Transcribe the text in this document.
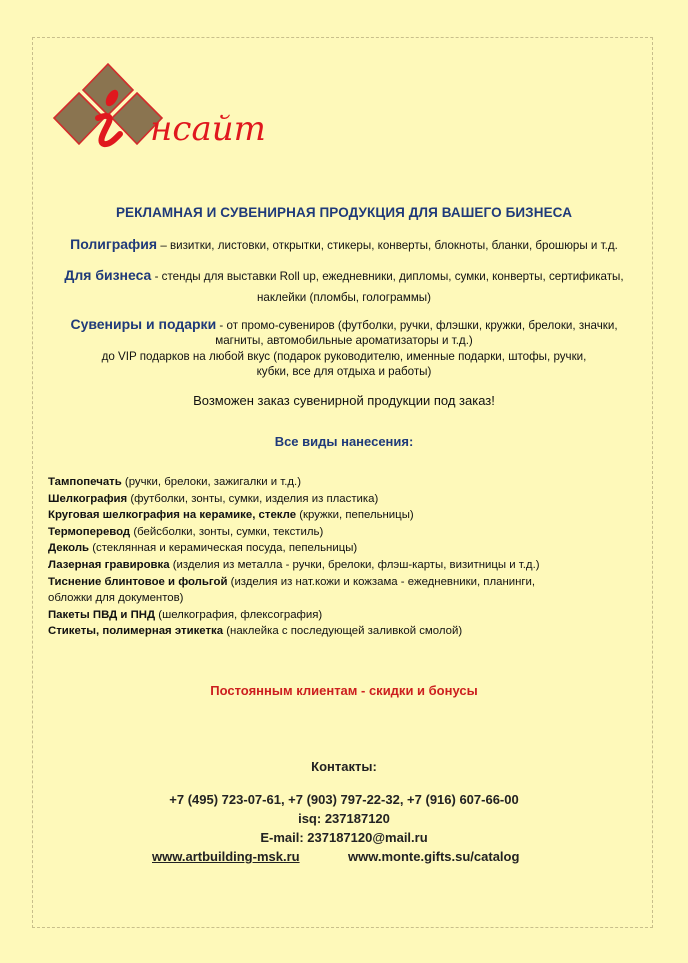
нсайт
РЕКЛАМНАЯ И СУВЕНИРНАЯ ПРОДУКЦИЯ ДЛЯ ВАШЕГО БИЗНЕСА
Полиграфия – визитки, листовки, открытки, стикеры, конверты, блокноты, бланки, брошюры и т.д.
Для бизнеса - стенды для выставки Roll up, ежедневники, дипломы, сумки, конверты, сертификаты,
наклейки (пломбы, голограммы)
Сувениры и подарки - от промо-сувениров (футболки, ручки, флэшки, кружки, брелоки, значки,
магниты, автомобильные ароматизаторы и т.д.)
до VIP подарков на любой вкус (подарок руководителю, именные подарки, штофы, ручки,
кубки, все для отдыха и работы)
Возможен заказ сувенирной продукции под заказ!
Все виды нанесения:
Тампопечать (ручки, брелоки, зажигалки и т.д.)
Шелкография (футболки, зонты, сумки, изделия из пластика)
Круговая шелкография на керамике, стекле (кружки, пепельницы)
Термоперевод (бейсболки, зонты, сумки, текстиль)
Деколь (стеклянная и керамическая посуда, пепельницы)
Лазерная гравировка (изделия из металла - ручки, брелоки, флэш-карты, визитницы и т.д.)
Тиснение блинтовое и фольгой (изделия из нат.кожи и кожзама - ежедневники, планинги,
обложки для документов)
Пакеты ПВД и ПНД (шелкография, флексография)
Стикеты, полимерная этикетка (наклейка с последующей заливкой смолой)
Постоянным клиентам - скидки и бонусы
Контакты:
+7 (495) 723-07-61, +7 (903) 797-22-32, +7 (916) 607-66-00
isq: 237187120
E-mail: 237187120@mail.ru
www.artbuilding-msk.ru	www.monte.gifts.su/catalog
